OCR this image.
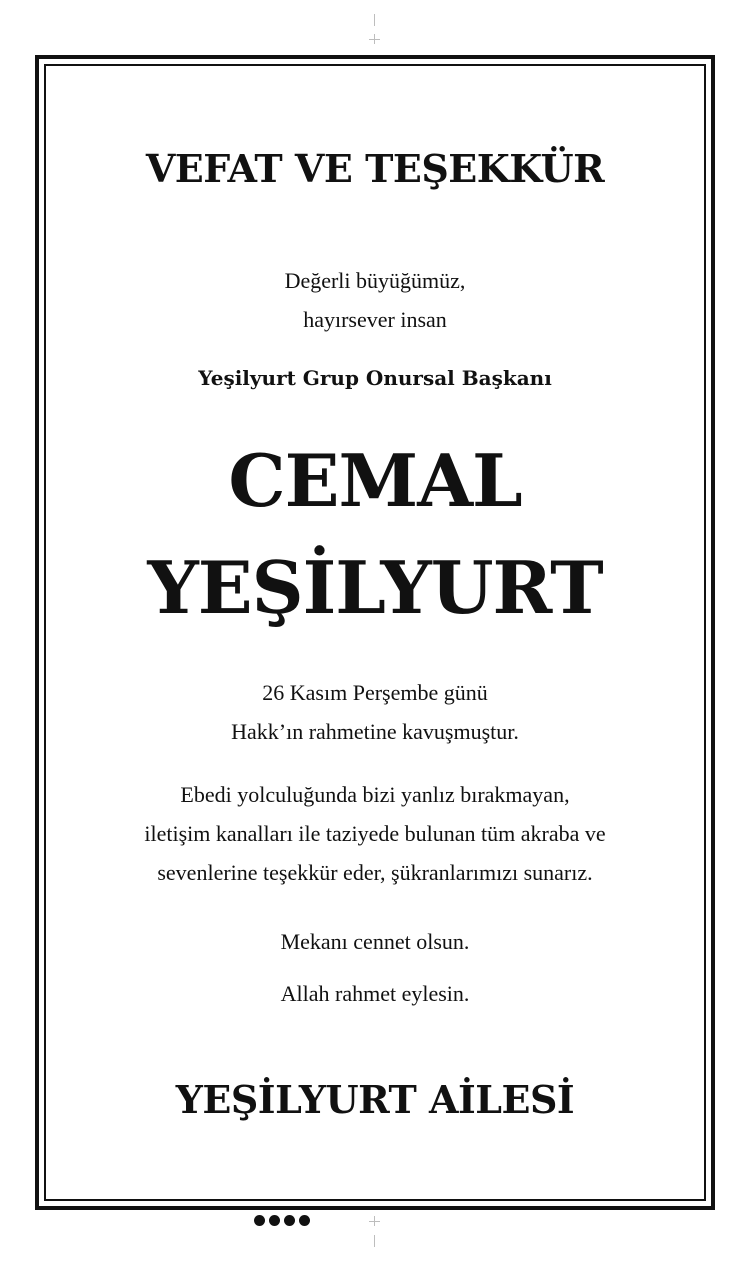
VEFAT VE TEŞEKKÜR
Değerli büyüğümüz,
hayırsever insan
Yeşilyurt Grup Onursal Başkanı
CEMAL
YEŞİLYURT
26 Kasım Perşembe günü
Hakk’ın rahmetine kavuşmuştur.
Ebedi yolculuğunda bizi yanlız bırakmayan,
iletişim kanalları ile taziyede bulunan tüm akraba ve
sevenlerine teşekkür eder, şükranlarımızı sunarız.
Mekanı cennet olsun.
Allah rahmet eylesin.
YEŞİLYURT AİLESİ
